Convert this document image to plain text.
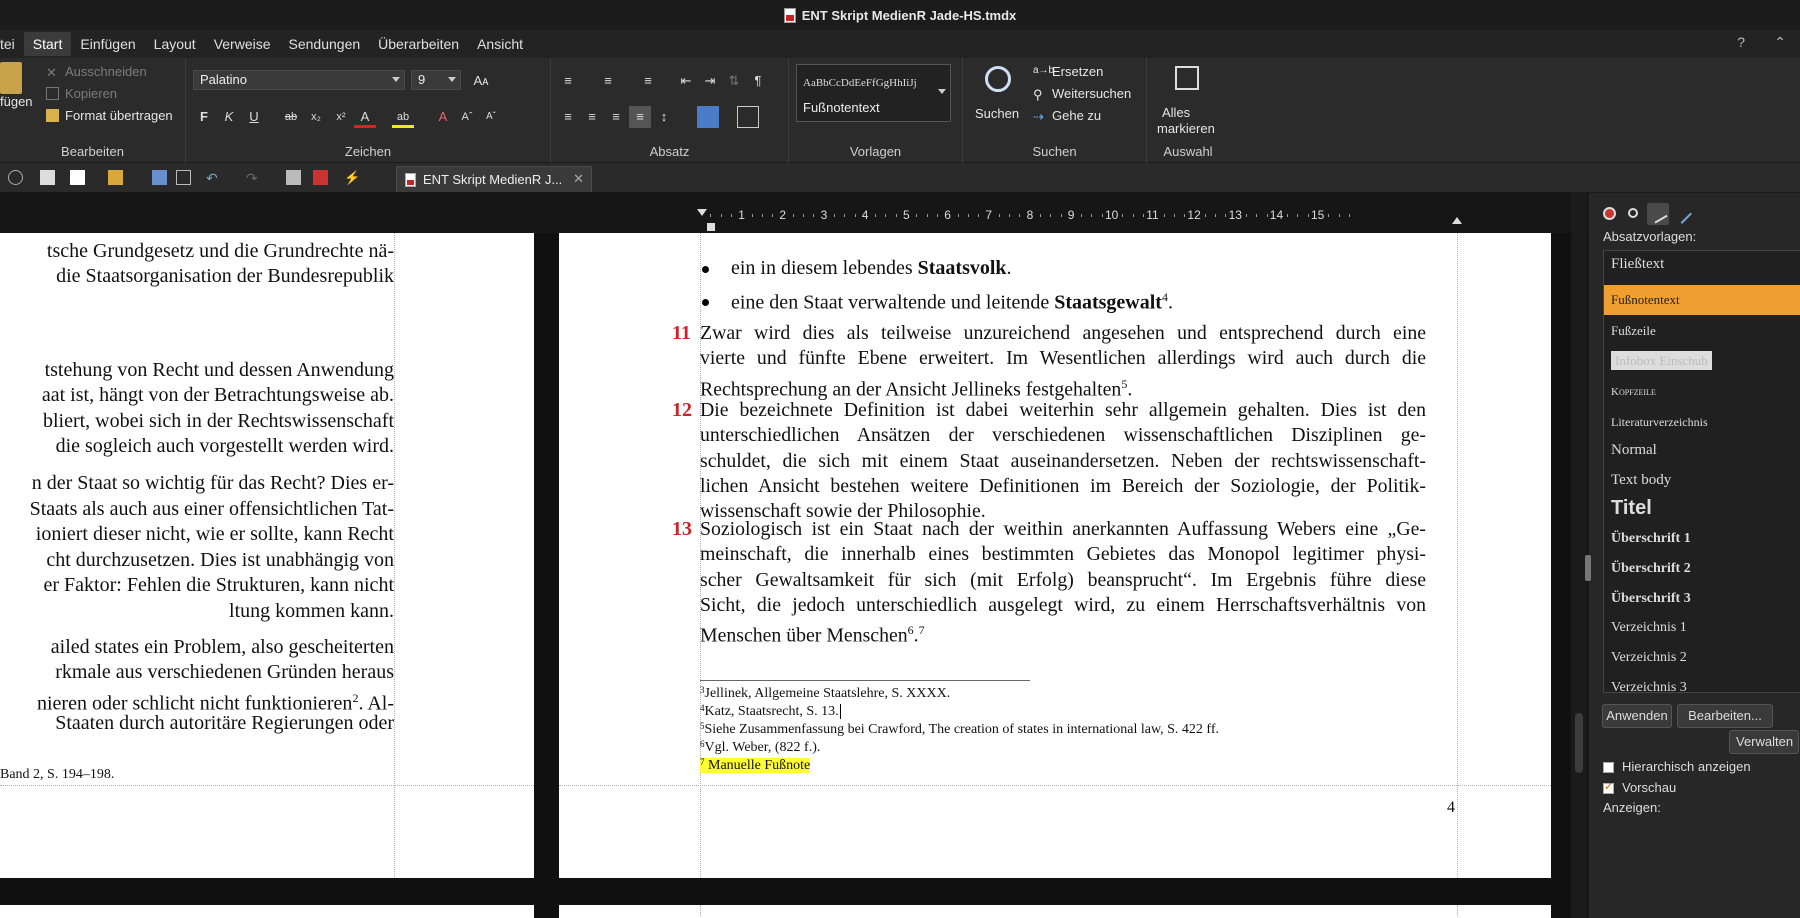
ENT Skript MedienR Jade-HS.tmdx
tei	Start	Einfügen	Layout	Verweise	Sendungen	Überarbeiten	Ansicht	? ⌃
fügen
✕ Ausschneiden
Kopieren
Format übertragen
Bearbeiten
Palatino	9	Aᴀ
F	K	U	ab	x₂	x²	A	ab	A	Aˆ	Aˇ
Zeichen
≡	≡	≡	⇤	⇥	⇅	¶
≡	≡	≡	≡	↕
Absatz
AaBbCcDdEeFfGgHhIiJj
Fußnotentext
Vorlagen
Suchen
a→b
Ersetzen
⚲ Weitersuchen
⇢ Gehe zu
Suchen
Alles
markieren
Auswahl
↶ ↷	⚡	ENT Skript MedienR J... ✕
1	2	3	4	5	6	7	8	9	10 11 12 13 14 15
tsche Grundgesetz und die Grundrechte nä-
die Staatsorganisation der Bundesrepublik
tstehung von Recht und dessen Anwendung
aat ist, hängt von der Betrachtungsweise ab.
bliert, wobei sich in der Rechtswissenschaft
die sogleich auch vorgestellt werden wird.
n der Staat so wichtig für das Recht? Dies er-
Staats als auch aus einer offensichtlichen Tat-
ioniert dieser nicht, wie er sollte, kann Recht
cht durchzusetzen. Dies ist unabhängig von
er Faktor: Fehlen die Strukturen, kann nicht
ltung kommen kann.
ailed states ein Problem, also gescheiterten
rkmale aus verschiedenen Gründen heraus
nieren oder schlicht nicht funktionieren$^2$. Al-
Staaten durch autoritäre Regierungen oder
Band 2, S. 194–198.
ein in diesem lebendes Staatsvolk.
eine den Staat verwaltende und leitende Staatsgewalt$^4$.
11 Zwar wird dies als teilweise unzureichend angesehen und entsprechend durch eine
vierte und fünfte Ebene erweitert. Im Wesentlichen allerdings wird auch durch die
Rechtsprechung an der Ansicht Jellineks festgehalten$^5$.
12 Die bezeichnete Definition ist dabei weiterhin sehr allgemein gehalten. Dies ist den
unterschiedlichen Ansätzen der verschiedenen wissenschaftlichen Disziplinen ge-
schuldet, die sich mit einem Staat auseinandersetzen. Neben der rechtswissenschaft-
lichen Ansicht bestehen weitere Definitionen im Bereich der Soziologie, der Politik-
wissenschaft sowie der Philosophie.
13 Soziologisch ist ein Staat nach der weithin anerkannten Auffassung Webers eine „Ge-
meinschaft, die innerhalb eines bestimmten Gebietes das Monopol legitimer physi-
scher Gewaltsamkeit für sich (mit Erfolg) beansprucht“. Im Ergebnis führe diese
Sicht, die jedoch unterschiedlich ausgelegt wird, zu einem Herrschaftsverhältnis von
Menschen über Menschen$^6$.$^7$
$^3$Jellinek, Allgemeine Staatslehre, S. XXXX.
$^4$Katz, Staatsrecht, S. 13.
$^5$Siehe Zusammenfassung bei Crawford, The creation of states in international law, S. 422 ff.
$^6$Vgl. Weber, (822 f.).
$^7$ Manuelle Fußnote
4
Absatzvorlagen:
Fließtext
Fußnotentext
Fußzeile
Infobox Einschub
Kopfzeile
Literaturverzeichnis
Normal
Text body
Titel
Überschrift 1
Überschrift 2
Überschrift 3
Verzeichnis 1
Verzeichnis 2
Verzeichnis 3
Anwenden	Bearbeiten...
Verwalten
Hierarchisch anzeigen
✓
Vorschau
Anzeigen:
